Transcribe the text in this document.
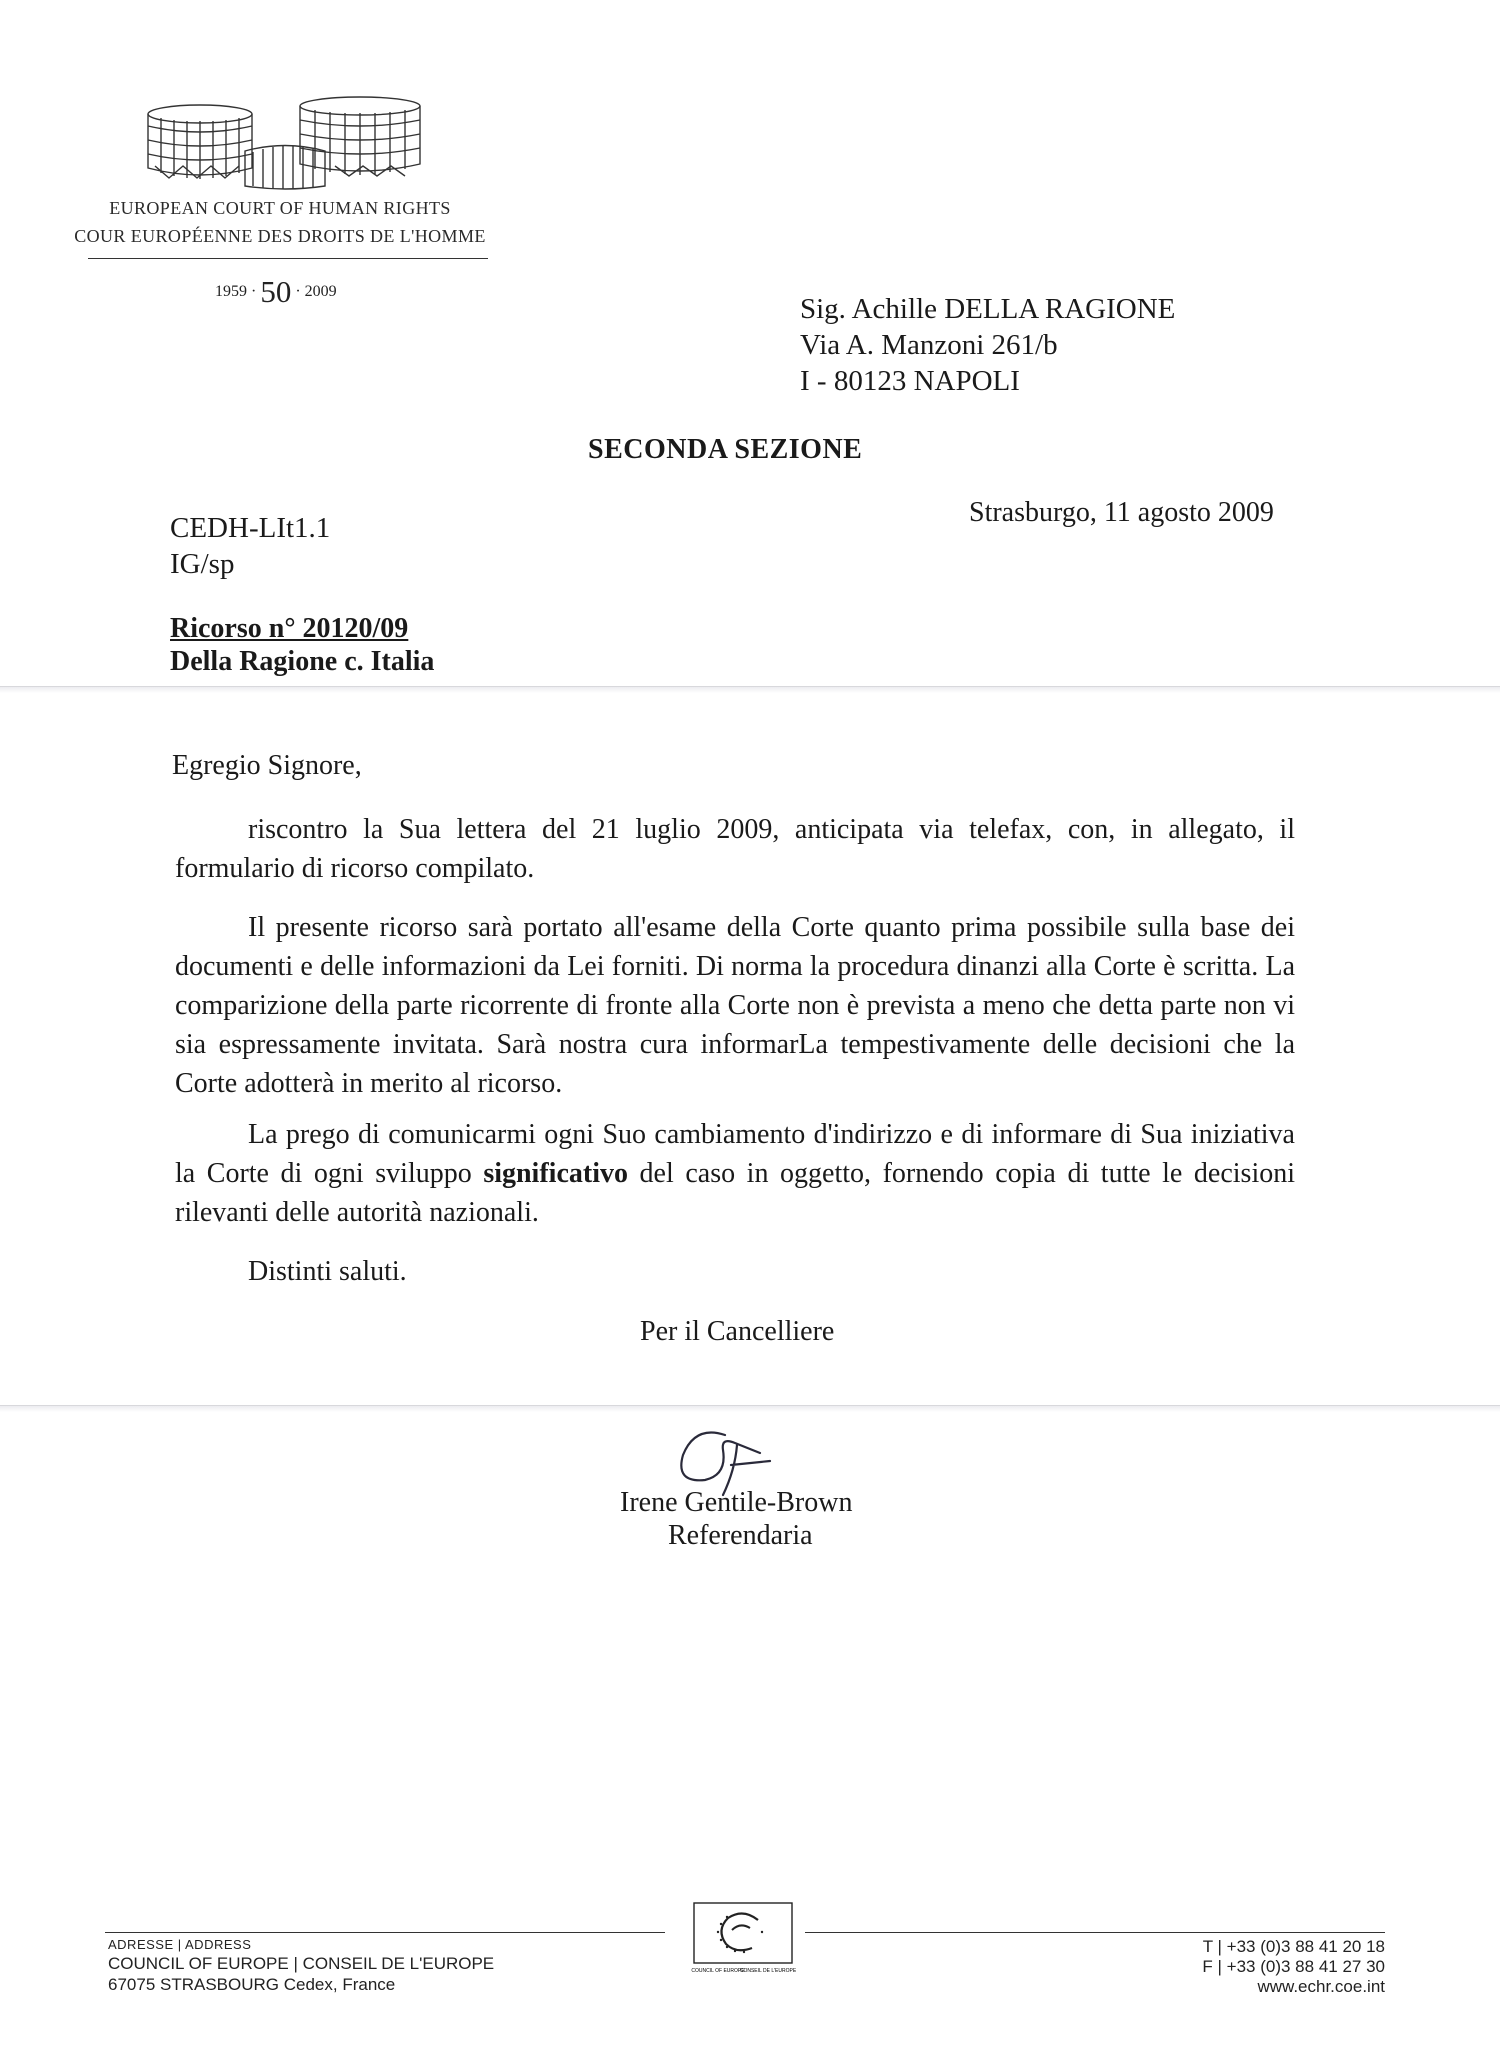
EUROPEAN COURT OF HUMAN RIGHTS
COUR EUROPÉENNE DES DROITS DE L'HOMME
1959 · 50 · 2009
Sig. Achille DELLA RAGIONE
Via A. Manzoni 261/b
I - 80123 NAPOLI
SECONDA SEZIONE
Strasburgo, 11 agosto 2009
CEDH-LIt1.1
IG/sp
Ricorso n° 20120/09
Della Ragione c. Italia
Egregio Signore,
riscontro la Sua lettera del 21 luglio 2009, anticipata via telefax, con, in allegato, il formulario di ricorso compilato.
Il presente ricorso sarà portato all'esame della Corte quanto prima possibile sulla base dei documenti e delle informazioni da Lei forniti. Di norma la procedura dinanzi alla Corte è scritta. La comparizione della parte ricorrente di fronte alla Corte non è prevista a meno che detta parte non vi sia espressamente invitata. Sarà nostra cura informarLa tempestivamente delle decisioni che la Corte adotterà in merito al ricorso.
La prego di comunicarmi ogni Suo cambiamento d'indirizzo e di informare di Sua iniziativa la Corte di ogni sviluppo significativo del caso in oggetto, fornendo copia di tutte le decisioni rilevanti delle autorità nazionali.
Distinti saluti.
Per il Cancelliere
Irene Gentile-Brown
Referendaria
ADRESSE | ADDRESS
COUNCIL OF EUROPE | CONSEIL DE L'EUROPE
67075 STRASBOURG Cedex, France
COUNCIL OF EUROPE
CONSEIL DE L'EUROPE
T | +33 (0)3 88 41 20 18
F | +33 (0)3 88 41 27 30
www.echr.coe.int
